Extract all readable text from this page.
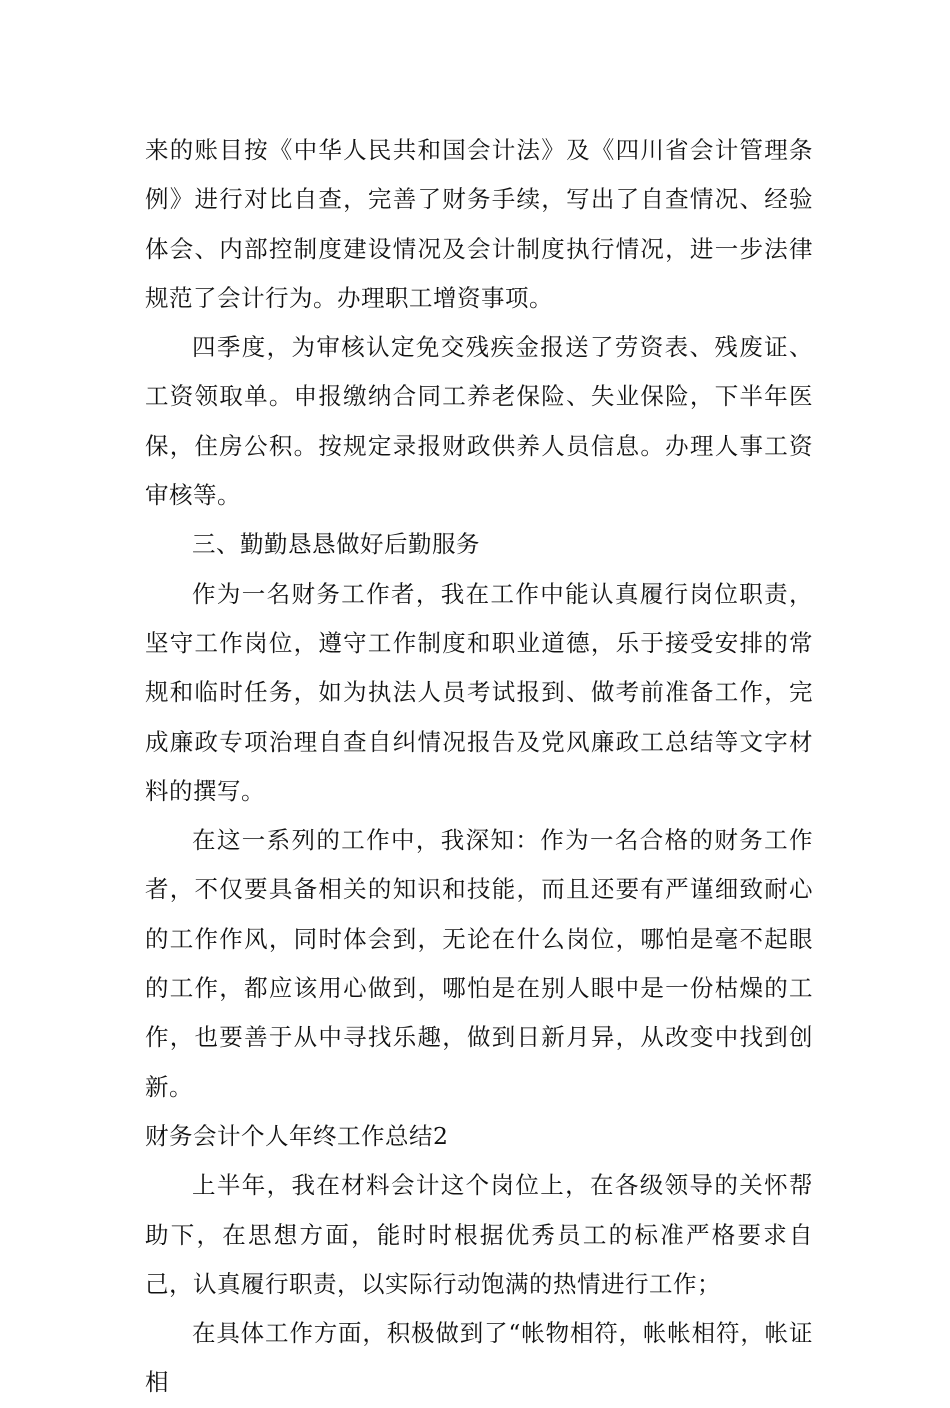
来的账目按《中华人民共和国会计法》及《四川省会计管理条例》进行对比自查，完善了财务手续，写出了自查情况、经验体会、内部控制度建设情况及会计制度执行情况，进一步法律规范了会计行为。办理职工增资事项。

四季度，为审核认定免交残疾金报送了劳资表、残废证、工资领取单。申报缴纳合同工养老保险、失业保险，下半年医保，住房公积。按规定录报财政供养人员信息。办理人事工资审核等。

三、勤勤恳恳做好后勤服务

作为一名财务工作者，我在工作中能认真履行岗位职责，坚守工作岗位，遵守工作制度和职业道德，乐于接受安排的常规和临时任务，如为执法人员考试报到、做考前准备工作，完成廉政专项治理自查自纠情况报告及党风廉政工总结等文字材料的撰写。

在这一系列的工作中，我深知：作为一名合格的财务工作者，不仅要具备相关的知识和技能，而且还要有严谨细致耐心的工作作风，同时体会到，无论在什么岗位，哪怕是毫不起眼的工作，都应该用心做到，哪怕是在别人眼中是一份枯燥的工作，也要善于从中寻找乐趣，做到日新月异，从改变中找到创新。

财务会计个人年终工作总结2

上半年，我在材料会计这个岗位上，在各级领导的关怀帮助下，在思想方面，能时时根据优秀员工的标准严格要求自己，认真履行职责，以实际行动饱满的热情进行工作；

在具体工作方面，积极做到了“帐物相符，帐帐相符，帐证相
